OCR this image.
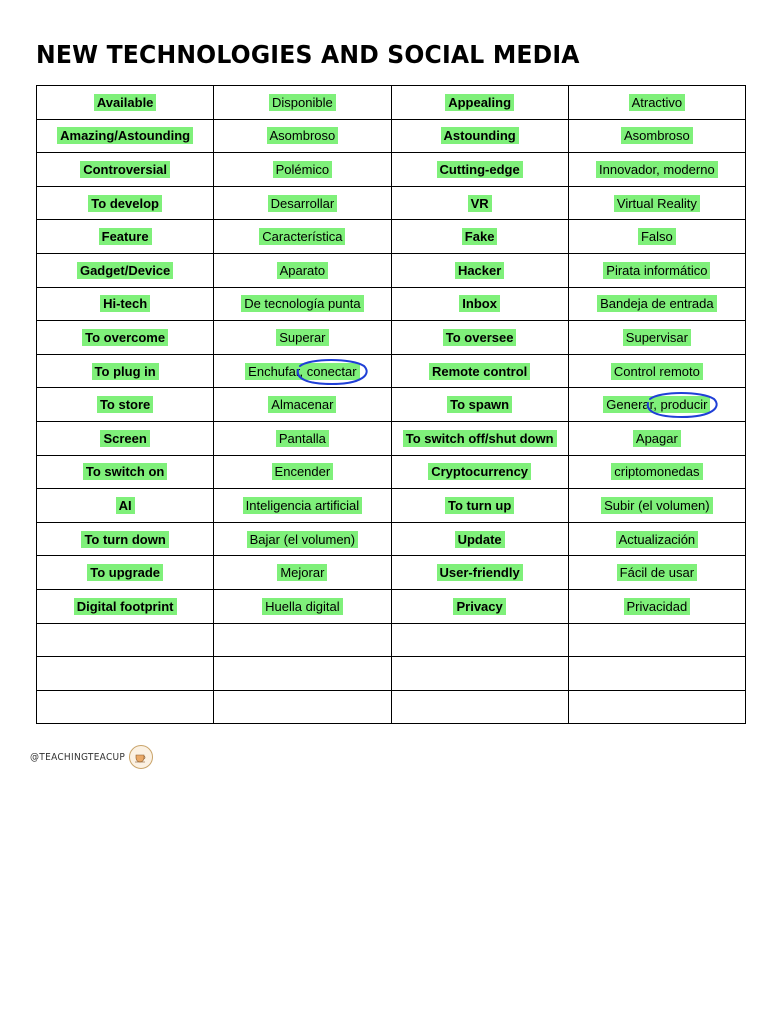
NEW TECHNOLOGIES AND SOCIAL MEDIA
Available	Disponible	Appealing	Atractivo
Amazing/Astounding	Asombroso	Astounding	Asombroso
Controversial	Polémico	Cutting-edge	Innovador, moderno
To develop	Desarrollar	VR	Virtual Reality
Feature	Característica	Fake	Falso
Gadget/Device	Aparato	Hacker	Pirata informático
Hi-tech	De tecnología punta	Inbox	Bandeja de entrada
To overcome	Superar	To oversee	Supervisar
To plug in	Enchufar, conectar	Remote control	Control remoto
To store	Almacenar	To spawn	Generar, producir

Screen	Pantalla	To switch off/shut down	Apagar
To switch on	Encender	Cryptocurrency	criptomonedas
AI	Inteligencia artificial	To turn up	Subir (el volumen)
To turn down	Bajar (el volumen)	Update	Actualización
To upgrade	Mejorar	User-friendly	Fácil de usar
Digital footprint	Huella digital	Privacy	Privacidad

@TEACHINGTEACUP
